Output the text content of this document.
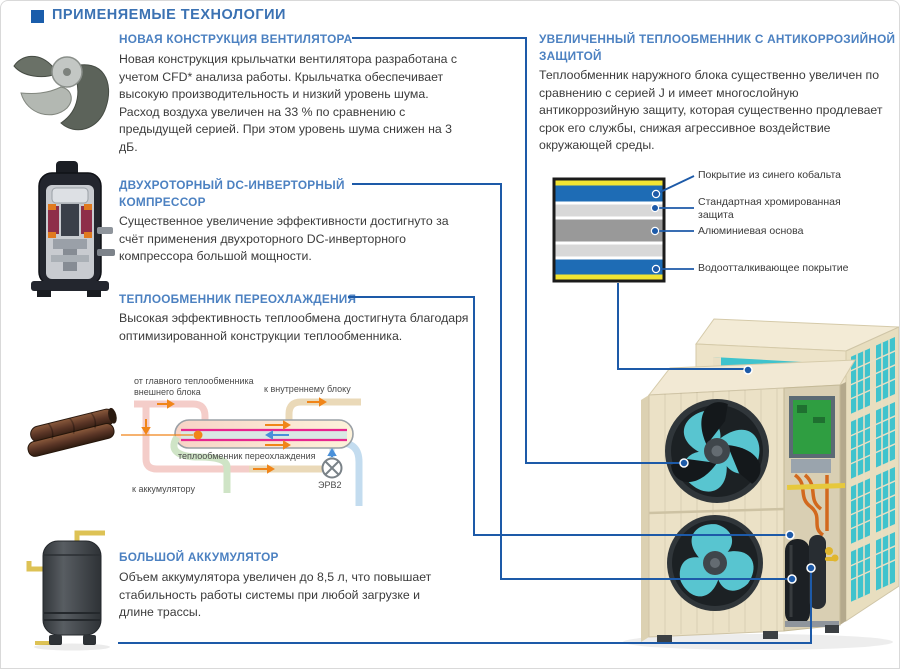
ПРИМЕНЯЕМЫЕ ТЕХНОЛОГИИ
НОВАЯ КОНСТРУКЦИЯ ВЕНТИЛЯТОРА
Новая конструкция крыльчатки вентилятора разработана с учетом CFD* анализа работы. Крыльчатка обеспечивает высокую производительность и низкий уровень шума. Расход воздуха увеличен на 33 % по сравнению с предыдущей серией. При этом уровень шума снижен на 3 дБ.
ДВУХРОТОРНЫЙ DC-ИНВЕРТОРНЫЙ КОМПРЕССОР
Существенное увеличение эффективности достигнуто за счёт применения двухроторного DC-инверторного компрессора большой мощности.
ТЕПЛООБМЕННИК ПЕРЕОХЛАЖДЕНИЯ
Высокая эффективность теплообмена достигнута благодаря оптимизированной конструкции теплообменника.
от главного теплообменника внешнего блока	к внутреннему блоку
теплообменник переохлаждения
к аккумулятору	ЭРВ2
БОЛЬШОЙ АККУМУЛЯТОР
Объем аккумулятора увеличен до 8,5 л, что повышает стабильность работы системы при любой загрузке и длине трассы.
УВЕЛИЧЕННЫЙ ТЕПЛООБМЕННИК С АНТИКОРРОЗИЙНОЙ ЗАЩИТОЙ
Теплообменник наружного блока существенно увеличен по сравнению с серией J и имеет многослойную антикоррозийную защиту, которая существенно продлевает срок его службы, снижая агрессивное воздействие окружающей среды.
Покрытие из синего кобальта
Стандартная хромированная защита
Алюминиевая основа
Водоотталкивающее покрытие
